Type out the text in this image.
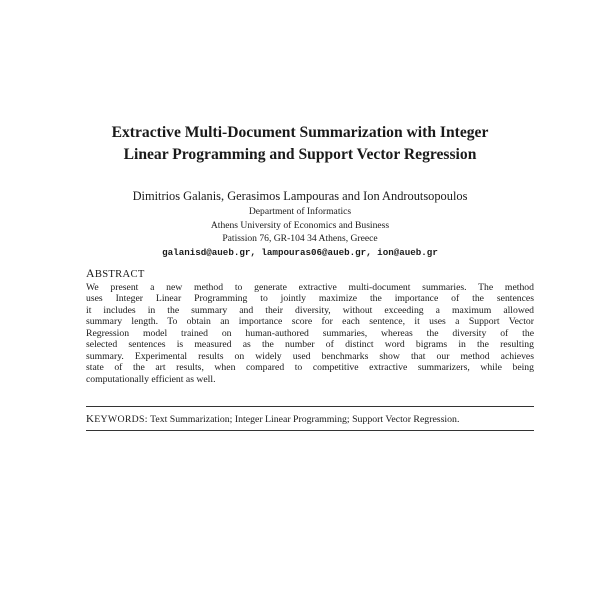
Extractive Multi-Document Summarization with Integer
Linear Programming and Support Vector Regression
Dimitrios Galanis, Gerasimos Lampouras and Ion Androutsopoulos
Department of Informatics
Athens University of Economics and Business
Patission 76, GR-104 34 Athens, Greece
galanisd@aueb.gr, lampouras06@aueb.gr, ion@aueb.gr
ABSTRACT
We present a new method to generate extractive multi-document summaries. The method
uses Integer Linear Programming to jointly maximize the importance of the sentences
it includes in the summary and their diversity, without exceeding a maximum allowed
summary length. To obtain an importance score for each sentence, it uses a Support Vector
Regression model trained on human-authored summaries, whereas the diversity of the
selected sentences is measured as the number of distinct word bigrams in the resulting
summary. Experimental results on widely used benchmarks show that our method achieves
state of the art results, when compared to competitive extractive summarizers, while being
computationally efficient as well.
KEYWORDS: Text Summarization; Integer Linear Programming; Support Vector Regression.
